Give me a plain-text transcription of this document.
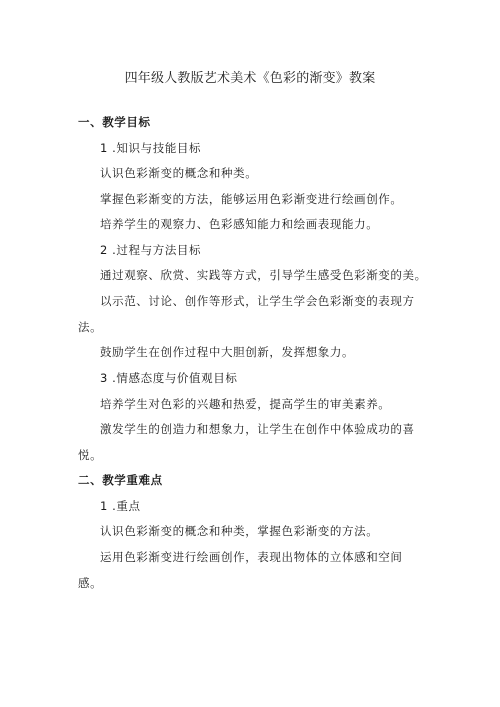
四年级人教版艺术美术《色彩的渐变》教案
一、教学目标
1 .知识与技能目标
认识色彩渐变的概念和种类。
掌握色彩渐变的方法，能够运用色彩渐变进行绘画创作。
培养学生的观察力、色彩感知能力和绘画表现能力。
2 .过程与方法目标
通过观察、欣赏、实践等方式，引导学生感受色彩渐变的美。
以示范、讨论、创作等形式，让学生学会色彩渐变的表现方
法。
鼓励学生在创作过程中大胆创新，发挥想象力。
3 .情感态度与价值观目标
培养学生对色彩的兴趣和热爱，提高学生的审美素养。
激发学生的创造力和想象力，让学生在创作中体验成功的喜
悦。
二、教学重难点
1 .重点
认识色彩渐变的概念和种类，掌握色彩渐变的方法。
运用色彩渐变进行绘画创作，表现出物体的立体感和空间
感。
